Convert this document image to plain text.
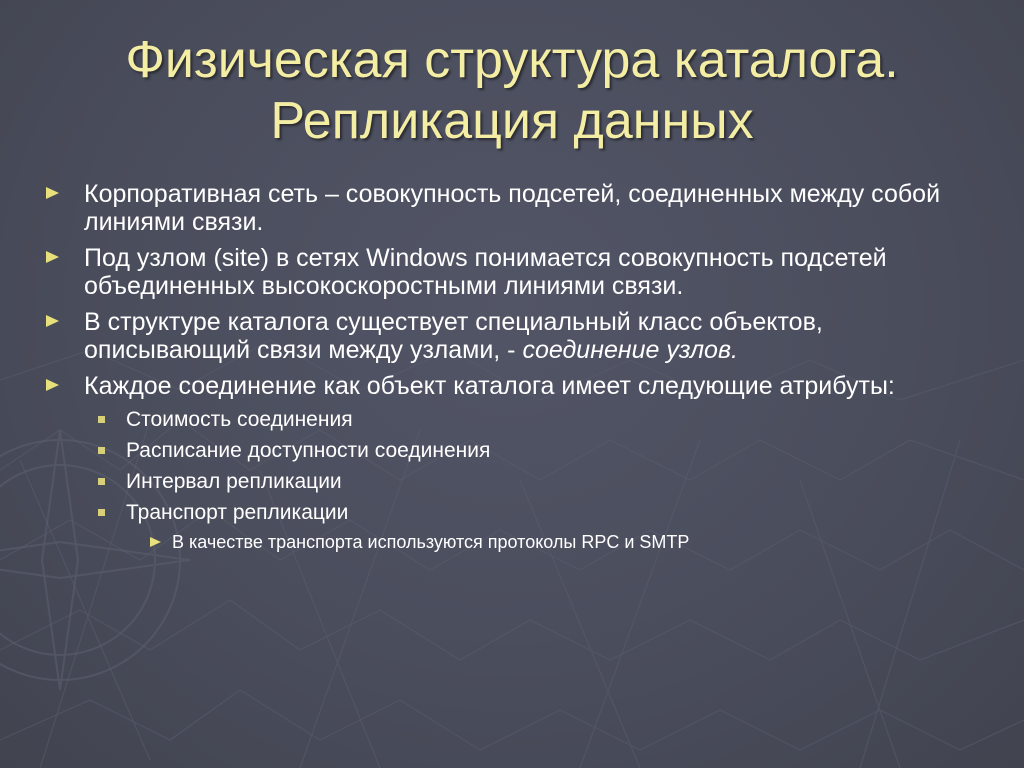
Физическая структура каталога.
Репликация данных
Корпоративная сеть – совокупность подсетей, соединенных между собой линиями связи.
Под узлом (site) в сетях Windows понимается совокупность подсетей объединенных высокоскоростными линиями связи.
В структуре каталога существует специальный класс объектов, описывающий связи между узлами, - соединение узлов.
Каждое соединение как объект каталога имеет следующие атрибуты:
Стоимость соединения
Расписание доступности соединения
Интервал репликации
Транспорт репликации
В качестве транспорта используются протоколы RPC и SMTP
